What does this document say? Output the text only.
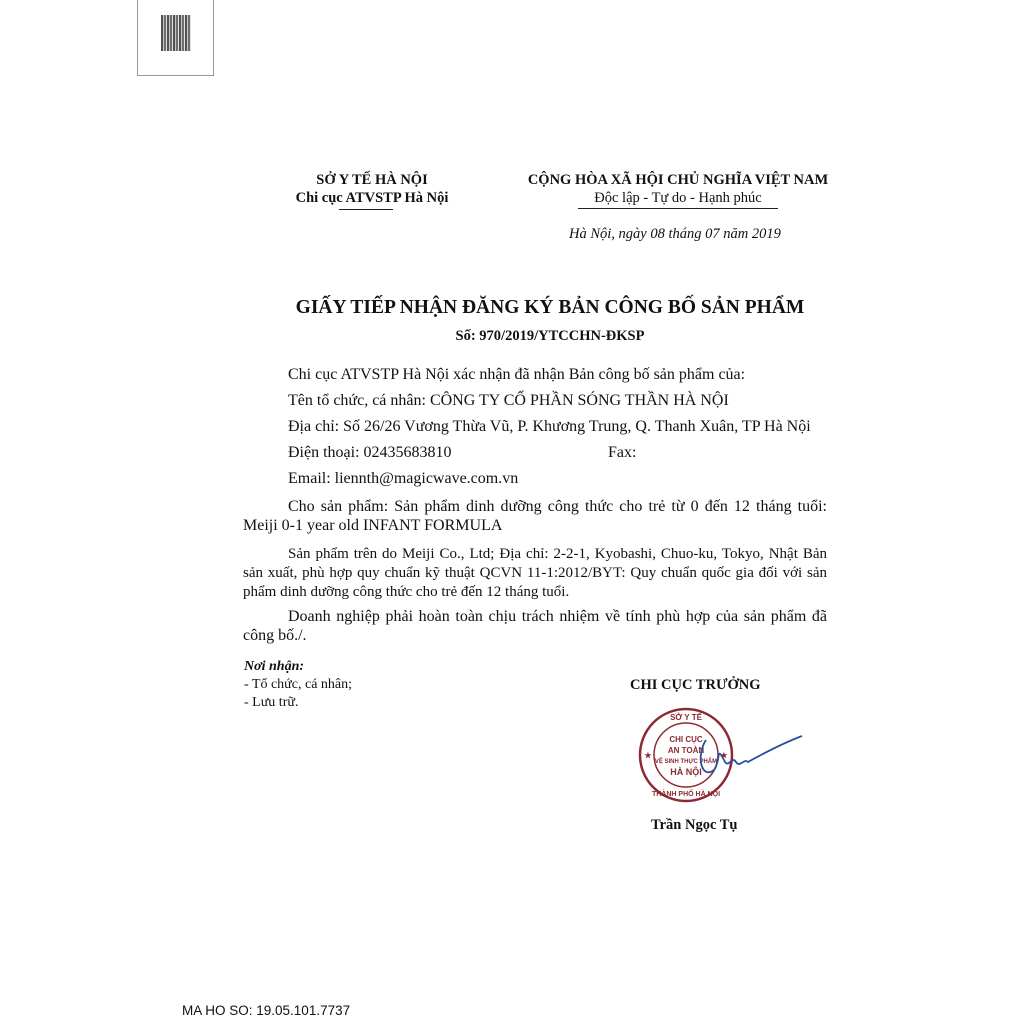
SỞ Y TẾ HÀ NỘI
Chi cục ATVSTP Hà Nội
CỘNG HÒA XÃ HỘI CHỦ NGHĨA VIỆT NAM
Độc lập - Tự do - Hạnh phúc
Hà Nội, ngày 08 tháng 07 năm 2019
GIẤY TIẾP NHẬN ĐĂNG KÝ BẢN CÔNG BỐ SẢN PHẨM
Số: 970/2019/YTCCHN-ĐKSP
Chi cục ATVSTP Hà Nội xác nhận đã nhận Bản công bố sản phẩm của:
Tên tổ chức, cá nhân: CÔNG TY CỔ PHẦN SÓNG THẦN HÀ NỘI
Địa chỉ: Số 26/26 Vương Thừa Vũ, P. Khương Trung, Q. Thanh Xuân, TP Hà Nội
Điện thoại: 02435683810	Fax:
Email: liennth@magicwave.com.vn
Cho sản phẩm: Sản phẩm dinh dưỡng công thức cho trẻ từ 0 đến 12 tháng tuổi: Meiji 0-1 year old INFANT FORMULA
Sản phẩm trên do Meiji Co., Ltd; Địa chỉ: 2-2-1, Kyobashi, Chuo-ku, Tokyo, Nhật Bản sản xuất, phù hợp quy chuẩn kỹ thuật QCVN 11-1:2012/BYT: Quy chuẩn quốc gia đối với sản phẩm dinh dưỡng công thức cho trẻ đến 12 tháng tuổi.
Doanh nghiệp phải hoàn toàn chịu trách nhiệm về tính phù hợp của sản phẩm đã công bố./.
Nơi nhận:
- Tổ chức, cá nhân;
- Lưu trữ.
CHI CỤC TRƯỞNG
SỞ Y TẾ
CHI CỤC
AN TOÀN
VỆ SINH THỰC PHẨM
HÀ NỘI
THÀNH PHỐ HÀ NỘI
★	★
Trần Ngọc Tụ
MA HO SO: 19.05.101.7737
